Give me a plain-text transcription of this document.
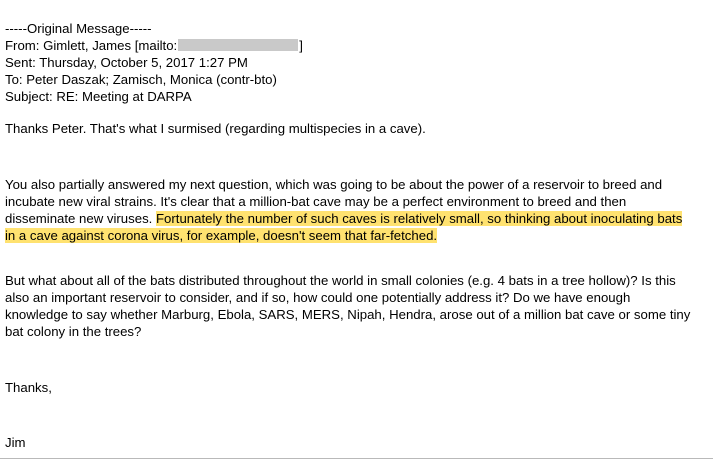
-----Original Message-----
From: Gimlett, James [mailto:	]
Sent: Thursday, October 5, 2017 1:27 PM
To: Peter Daszak; Zamisch, Monica (contr-bto)
Subject: RE: Meeting at DARPA

Thanks Peter. That's what I surmised (regarding multispecies in a cave).

You also partially answered my next question, which was going to be about the power of a reservoir to breed and incubate new viral strains. It's clear that a million-bat cave may be a perfect environment to breed and then disseminate new viruses. Fortunately the number of such caves is relatively small, so thinking about inoculating bats in a cave against corona virus, for example, doesn't seem that far-fetched.

But what about all of the bats distributed throughout the world in small colonies (e.g. 4 bats in a tree hollow)? Is this also an important reservoir to consider, and if so, how could one potentially address it? Do we have enough knowledge to say whether Marburg, Ebola, SARS, MERS, Nipah, Hendra, arose out of a million bat cave or some tiny bat colony in the trees?

Thanks,

Jim
